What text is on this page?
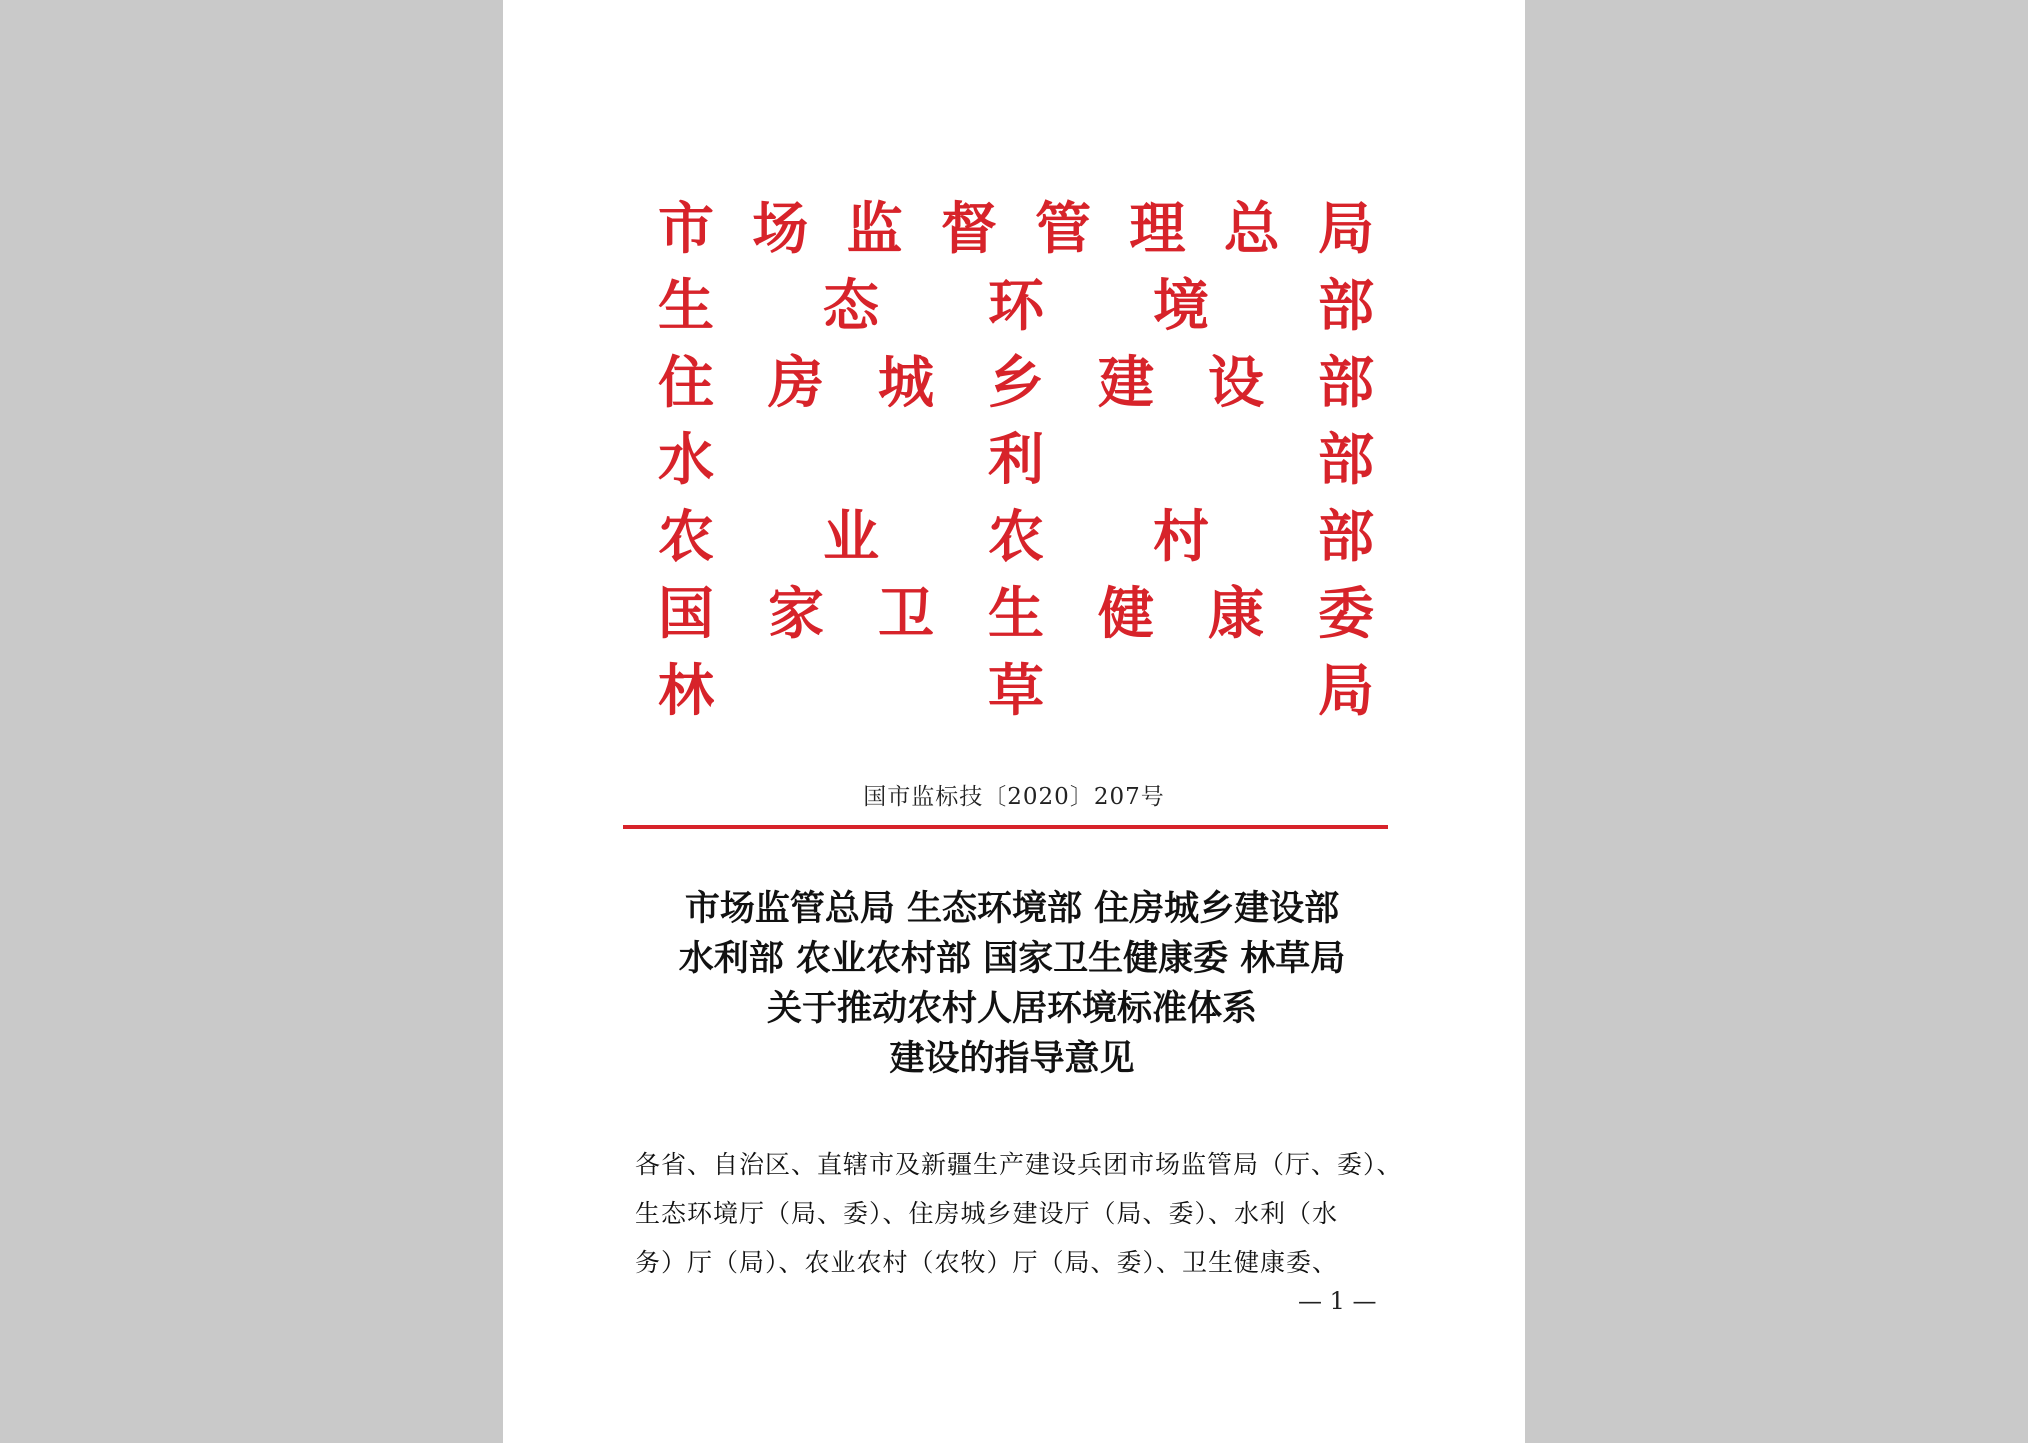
市 场 监 督 管 理 总 局
生 态 环 境 部
住 房 城 乡 建 设 部
水	利	部
农 业 农 村 部
国 家 卫 生 健 康 委
林	草	局
国市监标技〔2020〕207号
市场监管总局 生态环境部 住房城乡建设部
水利部 农业农村部 国家卫生健康委 林草局
关于推动农村人居环境标准体系
建设的指导意见
各省、自治区、直辖市及新疆生产建设兵团市场监管局（厅、委）、
生态环境厅（局、委）、住房城乡建设厅（局、委）、水利（水
务）厅（局）、农业农村（农牧）厅（局、委）、卫生健康委、
— 1 —
